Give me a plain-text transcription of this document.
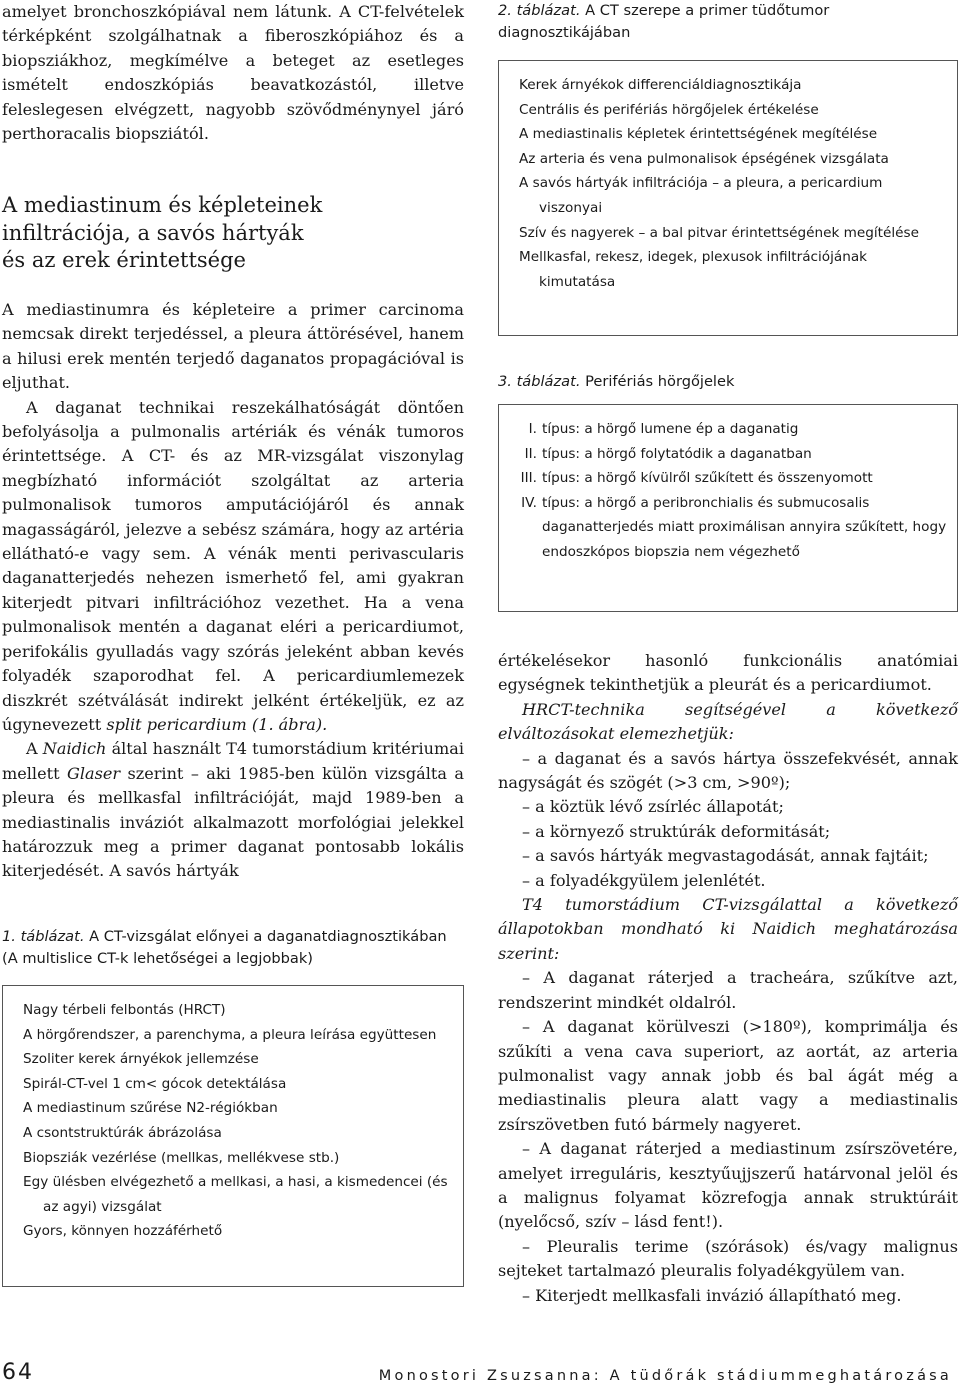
amelyet bronchoszkópiával nem látunk. A CT-felvételek térképként szolgálhatnak a fiberoszkópiához és a biopsziákhoz, megkímélve a beteget az esetleges ismételt endoszkópiás beavatkozástól, illetve feleslegesen elvégzett, nagyobb szövődménynyel járó perthoracalis biopsziától.

A mediastinum és képleteinek
infiltrációja, a savós hártyák
és az erek érintettsége

A mediastinumra és képleteire a primer carcinoma nemcsak direkt terjedéssel, a pleura áttörésével, hanem a hilusi erek mentén terjedő daganatos propagációval is eljuthat.

A daganat technikai reszekálhatóságát döntően befolyásolja a pulmonalis artériák és vénák tumoros érintettsége. A CT- és az MR-vizsgálat viszonylag megbízható információt szolgáltat az arteria pulmonalisok tumoros amputációjáról és annak magasságáról, jelezve a sebész számára, hogy az artéria ellátható-e vagy sem. A vénák menti perivascularis daganatterjedés nehezen ismerhető fel, ami gyakran kiterjedt pitvari infiltrációhoz vezethet. Ha a vena pulmonalisok mentén a daganat eléri a pericardiumot, perifokális gyulladás vagy szórás jeleként abban kevés folyadék szaporodhat fel. A pericardiumlemezek diszkrét szétválását indirekt jelként értékeljük, ez az úgynevezett split pericardium (1. ábra).

A Naidich által használt T4 tumorstádium kritériumai mellett Glaser szerint – aki 1985-ben külön vizsgálta a pleura és mellkasfal infiltrációját, majd 1989-ben a mediastinalis inváziót alkalmazott morfológiai jelekkel határozzuk meg a primer daganat pontosabb lokális kiterjedését. A savós hártyák

1. táblázat. A CT-vizsgálat előnyei a daganatdiagnosztikában (A multislice CT-k lehetőségei a legjobbak)
Nagy térbeli felbontás (HRCT)
A hörgőrendszer, a parenchyma, a pleura leírása együttesen
Szoliter kerek árnyékok jellemzése
Spirál-CT-vel 1 cm< gócok detektálása
A mediastinum szűrése N2-régiókban
A csontstruktúrák ábrázolása
Biopsziák vezérlése (mellkas, mellékvese stb.)
Egy ülésben elvégezhető a mellkasi, a hasi, a kismedencei (és az agyi) vizsgálat
Gyors, könnyen hozzáférhető
2. táblázat. A CT szerepe a primer tüdőtumor diagnosztikájában
Kerek árnyékok differenciáldiagnosztikája
Centrális és perifériás hörgőjelek értékelése
A mediastinalis képletek érintettségének megítélése
Az arteria és vena pulmonalisok épségének vizsgálata
A savós hártyák infiltrációja – a pleura, a pericardium viszonyai
Szív és nagyerek – a bal pitvar érintettségének megítélése
Mellkasfal, rekesz, idegek, plexusok infiltrációjának kimutatása
3. táblázat. Perifériás hörgőjelek
I. típus: a hörgő lumene ép a daganatig
II. típus: a hörgő folytatódik a daganatban
III. típus: a hörgő kívülről szűkített és összenyomott
IV. típus: a hörgő a peribronchialis és submucosalis daganatterjedés miatt proximálisan annyira szűkített, hogy endoszkópos biopszia nem végezhető

értékelésekor hasonló funkcionális anatómiai egységnek tekinthetjük a pleurát és a pericardiumot.

HRCT-technika segítségével a következő elváltozásokat elemezhetjük:

– a daganat és a savós hártya összefekvését, annak nagyságát és szögét (>3 cm, >90º);

– a köztük lévő zsírléc állapotát;

– a környező struktúrák deformitását;

– a savós hártyák megvastagodását, annak fajtáit;

– a folyadékgyülem jelenlétét.

T4 tumorstádium CT-vizsgálattal a következő állapotokban mondható ki Naidich meghatározása szerint:

– A daganat ráterjed a tracheára, szűkítve azt, rendszerint mindkét oldalról.

– A daganat körülveszi (>180º), komprimálja és szűkíti a vena cava superiort, az aortát, az arteria pulmonalist vagy annak jobb és bal ágát még a mediastinalis pleura alatt vagy a mediastinalis zsírszövetben futó bármely nagyeret.

– A daganat ráterjed a mediastinum zsírszövetére, amelyet irreguláris, kesztyűujjszerű határvonal jelöl és a malignus folyamat közrefogja annak struktúráit (nyelőcső, szív – lásd fent!).

– Pleuralis terime (szórások) és/vagy malignus sejteket tartalmazó pleuralis folyadékgyülem van.

– Kiterjedt mellkasfali invázió állapítható meg.

64	Monostori Zsuzsanna: A tüdőrák stádiummeghatározása
